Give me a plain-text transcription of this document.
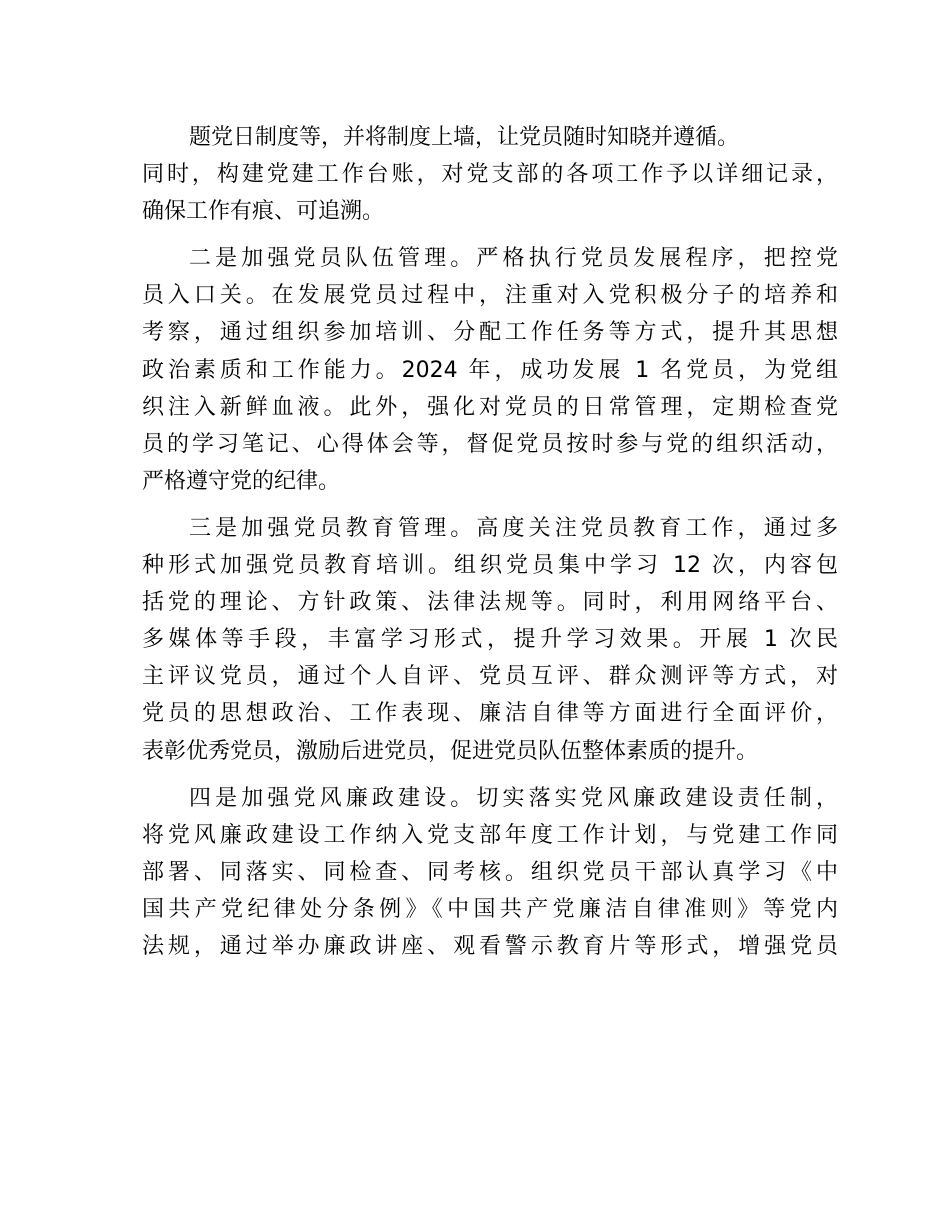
题党日制度等，并将制度上墙，让党员随时知晓并遵循。
同时，构建党建工作台账，对党支部的各项工作予以详细记录，
确保工作有痕、可追溯。
二是加强党员队伍管理。严格执行党员发展程序，把控党
员入口关。在发展党员过程中，注重对入党积极分子的培养和
考察，通过组织参加培训、分配工作任务等方式，提升其思想
政治素质和工作能力。2024 年，成功发展 1 名党员，为党组
织注入新鲜血液。此外，强化对党员的日常管理，定期检查党
员的学习笔记、心得体会等，督促党员按时参与党的组织活动，
严格遵守党的纪律。
三是加强党员教育管理。高度关注党员教育工作，通过多
种形式加强党员教育培训。组织党员集中学习 12 次，内容包
括党的理论、方针政策、法律法规等。同时，利用网络平台、
多媒体等手段，丰富学习形式，提升学习效果。开展 1 次民
主评议党员，通过个人自评、党员互评、群众测评等方式，对
党员的思想政治、工作表现、廉洁自律等方面进行全面评价，
表彰优秀党员，激励后进党员，促进党员队伍整体素质的提升。
四是加强党风廉政建设。切实落实党风廉政建设责任制，
将党风廉政建设工作纳入党支部年度工作计划，与党建工作同
部署、同落实、同检查、同考核。组织党员干部认真学习《中
国共产党纪律处分条例》《中国共产党廉洁自律准则》等党内
法规，通过举办廉政讲座、观看警示教育片等形式，增强党员
